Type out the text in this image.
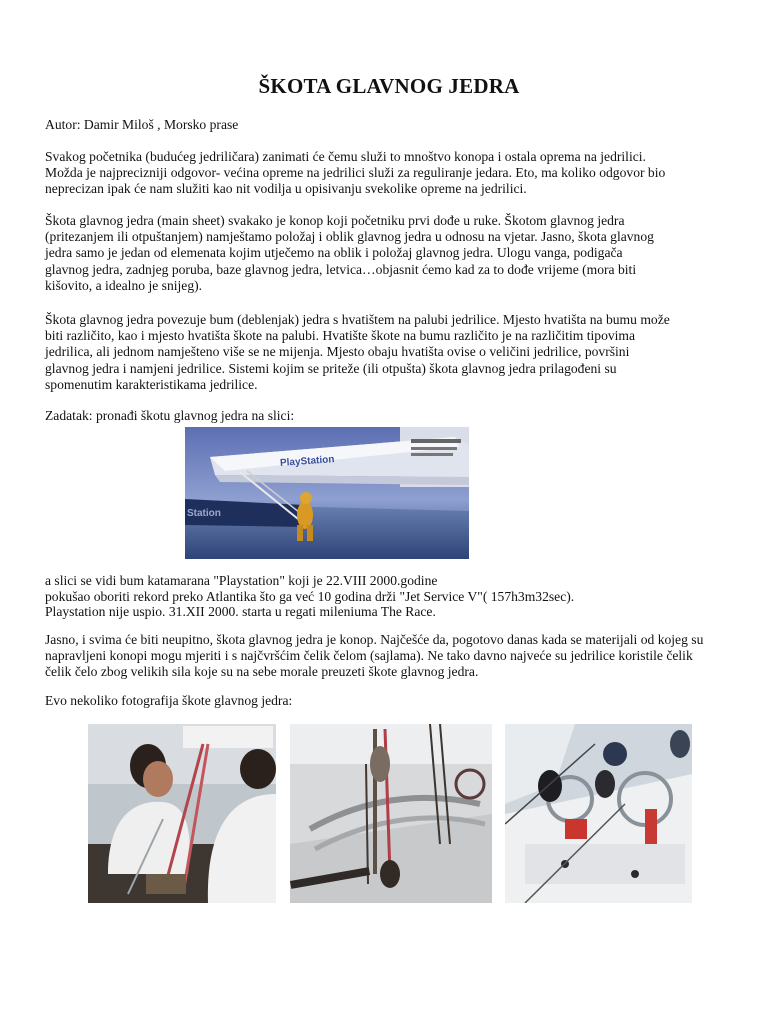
ŠKOTA GLAVNOG JEDRA

Autor: Damir Miloš , Morsko prase

Svakog početnika (budućeg jedriličara) zanimati će čemu služi to mnoštvo konopa i ostala oprema na jedrilici.
Možda je najprecizniji odgovor- većina opreme na jedrilici služi za reguliranje jedara. Eto, ma koliko odgovor bio
neprecizan ipak će nam služiti kao nit vodilja u opisivanju svekolike opreme na jedrilici.

Škota glavnog jedra (main sheet) svakako je konop koji početniku prvi dođe u ruke. Škotom glavnog jedra
(pritezanjem ili otpuštanjem) namještamo položaj i oblik glavnog jedra u odnosu na vjetar. Jasno, škota glavnog
jedra samo je jedan od elemenata kojim utječemo na oblik i položaj glavnog jedra. Ulogu vanga, podigača
glavnog jedra, zadnjeg poruba, baze glavnog jedra, letvica…objasnit ćemo kad za to dođe vrijeme (mora biti
kišovito, a idealno je snijeg).

Škota glavnog jedra povezuje bum (deblenjak) jedra s hvatištem na palubi jedrilice. Mjesto hvatišta na bumu može
biti različito, kao i mjesto hvatišta škote na palubi. Hvatište škote na bumu različito je na različitim tipovima
jedrilica, ali jednom namješteno više se ne mijenja. Mjesto obaju hvatišta ovise o veličini jedrilice, površini
glavnog jedra i namjeni jedrilice. Sistemi kojim se priteže (ili otpušta) škota glavnog jedra prilagođeni su
spomenutim karakteristikama jedrilice.

Zadatak: pronađi škotu glavnog jedra na slici:

PlayStation
Station

a slici se vidi bum katamarana "Playstation" koji je 22.VIII 2000.godine
pokušao oboriti rekord preko Atlantika što ga već 10 godina drži "Jet Service V"( 157h3m32sec).
Playstation nije uspio. 31.XII 2000. starta u regati mileniuma The Race.

Jasno, i svima će biti neupitno, škota glavnog jedra je konop. Najčešće da, pogotovo danas kada se materijali od kojeg su
napravljeni konopi mogu mjeriti i s najčvršćim čelik čelom (sajlama). Ne tako davno najveće su jedrilice koristile čelik
čelik čelo zbog velikih sila koje su na sebe morale preuzeti škote glavnog jedra.

Evo nekoliko fotografija škote glavnog jedra:
